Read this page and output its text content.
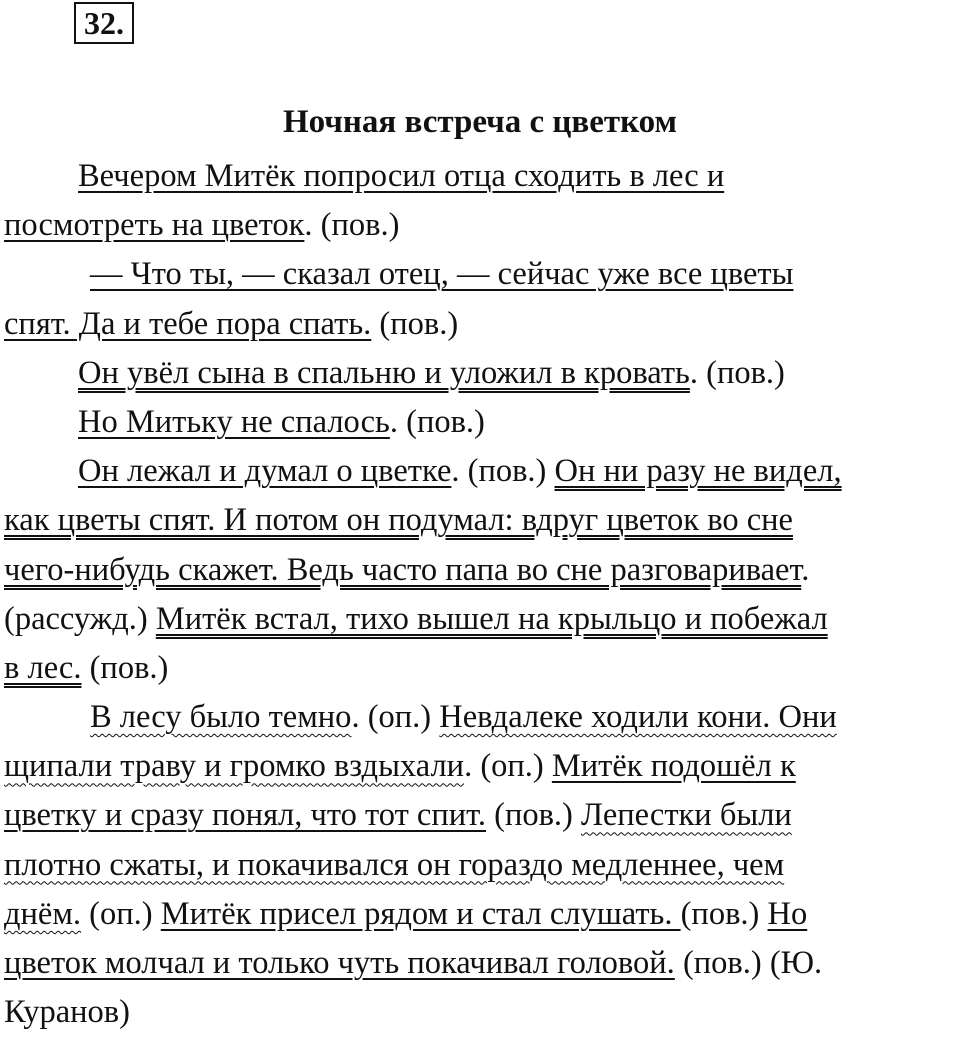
32.
Ночная встреча с цветком
Вечером Митёк попросил отца сходить в лес и
посмотреть на цветок. (пов.)
— Что ты, — сказал отец, — сейчас уже все цветы
спят. Да и тебе пора спать. (пов.)
Он увёл сына в спальню и уложил в кровать. (пов.)
Но Митьку не спалось. (пов.)
Он лежал и думал о цветке. (пов.) Он ни разу не видел,
как цветы спят. И потом он подумал: вдруг цветок во сне
чего-нибудь скажет. Ведь часто папа во сне разговаривает.
(рассужд.) Митёк встал, тихо вышел на крыльцо и побежал
в лес. (пов.)
В лесу было темно. (оп.) Невдалеке ходили кони. Они
щипали траву и громко вздыхали. (оп.) Митёк подошёл к
цветку и сразу понял, что тот спит. (пов.) Лепестки были
плотно сжаты, и покачивался он гораздо медленнее, чем
днём. (оп.) Митёк присел рядом и стал слушать. (пов.) Но
цветок молчал и только чуть покачивал головой. (пов.) (Ю.
Куранов)
